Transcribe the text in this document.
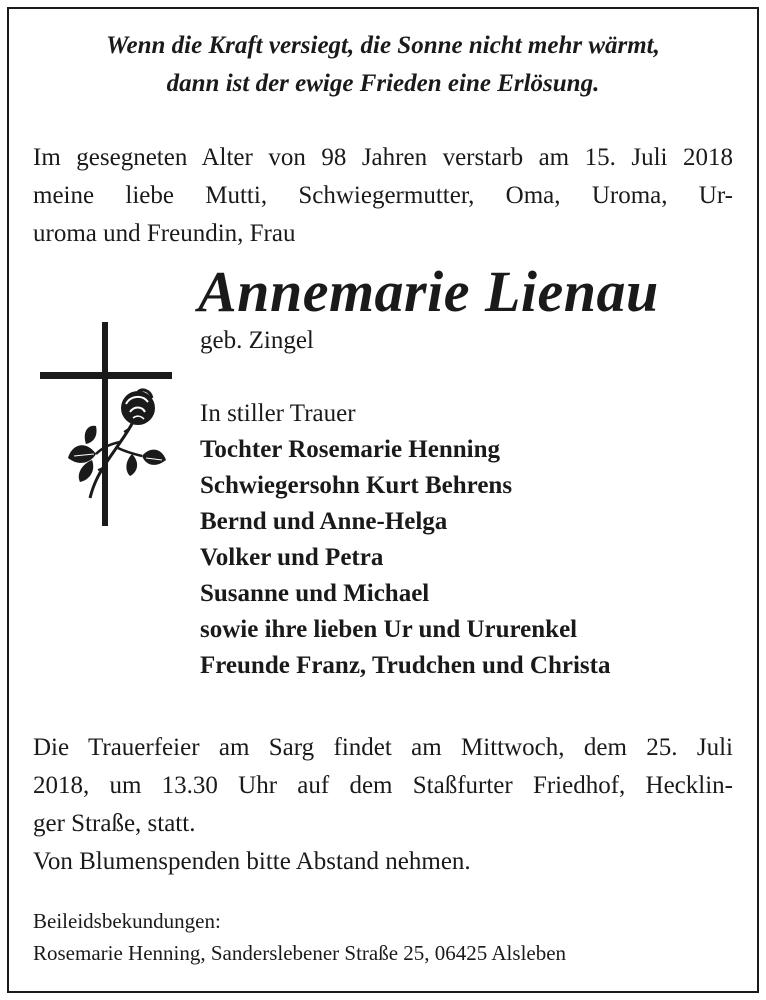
Wenn die Kraft versiegt, die Sonne nicht mehr wärmt,
dann ist der ewige Frieden eine Erlösung.
Im gesegneten Alter von 98 Jahren verstarb am 15. Juli 2018
meine liebe Mutti, Schwiegermutter, Oma, Uroma, Ur-
uroma und Freundin, Frau
Annemarie Lienau
geb. Zingel
In stiller Trauer
Tochter Rosemarie Henning
Schwiegersohn Kurt Behrens
Bernd und Anne-Helga
Volker und Petra
Susanne und Michael
sowie ihre lieben Ur und Ururenkel
Freunde Franz, Trudchen und Christa
Die Trauerfeier am Sarg findet am Mittwoch, dem 25. Juli
2018, um 13.30 Uhr auf dem Staßfurter Friedhof, Hecklin-
ger Straße, statt.
Von Blumenspenden bitte Abstand nehmen.
Beileidsbekundungen:
Rosemarie Henning, Sanderslebener Straße 25, 06425 Alsleben
